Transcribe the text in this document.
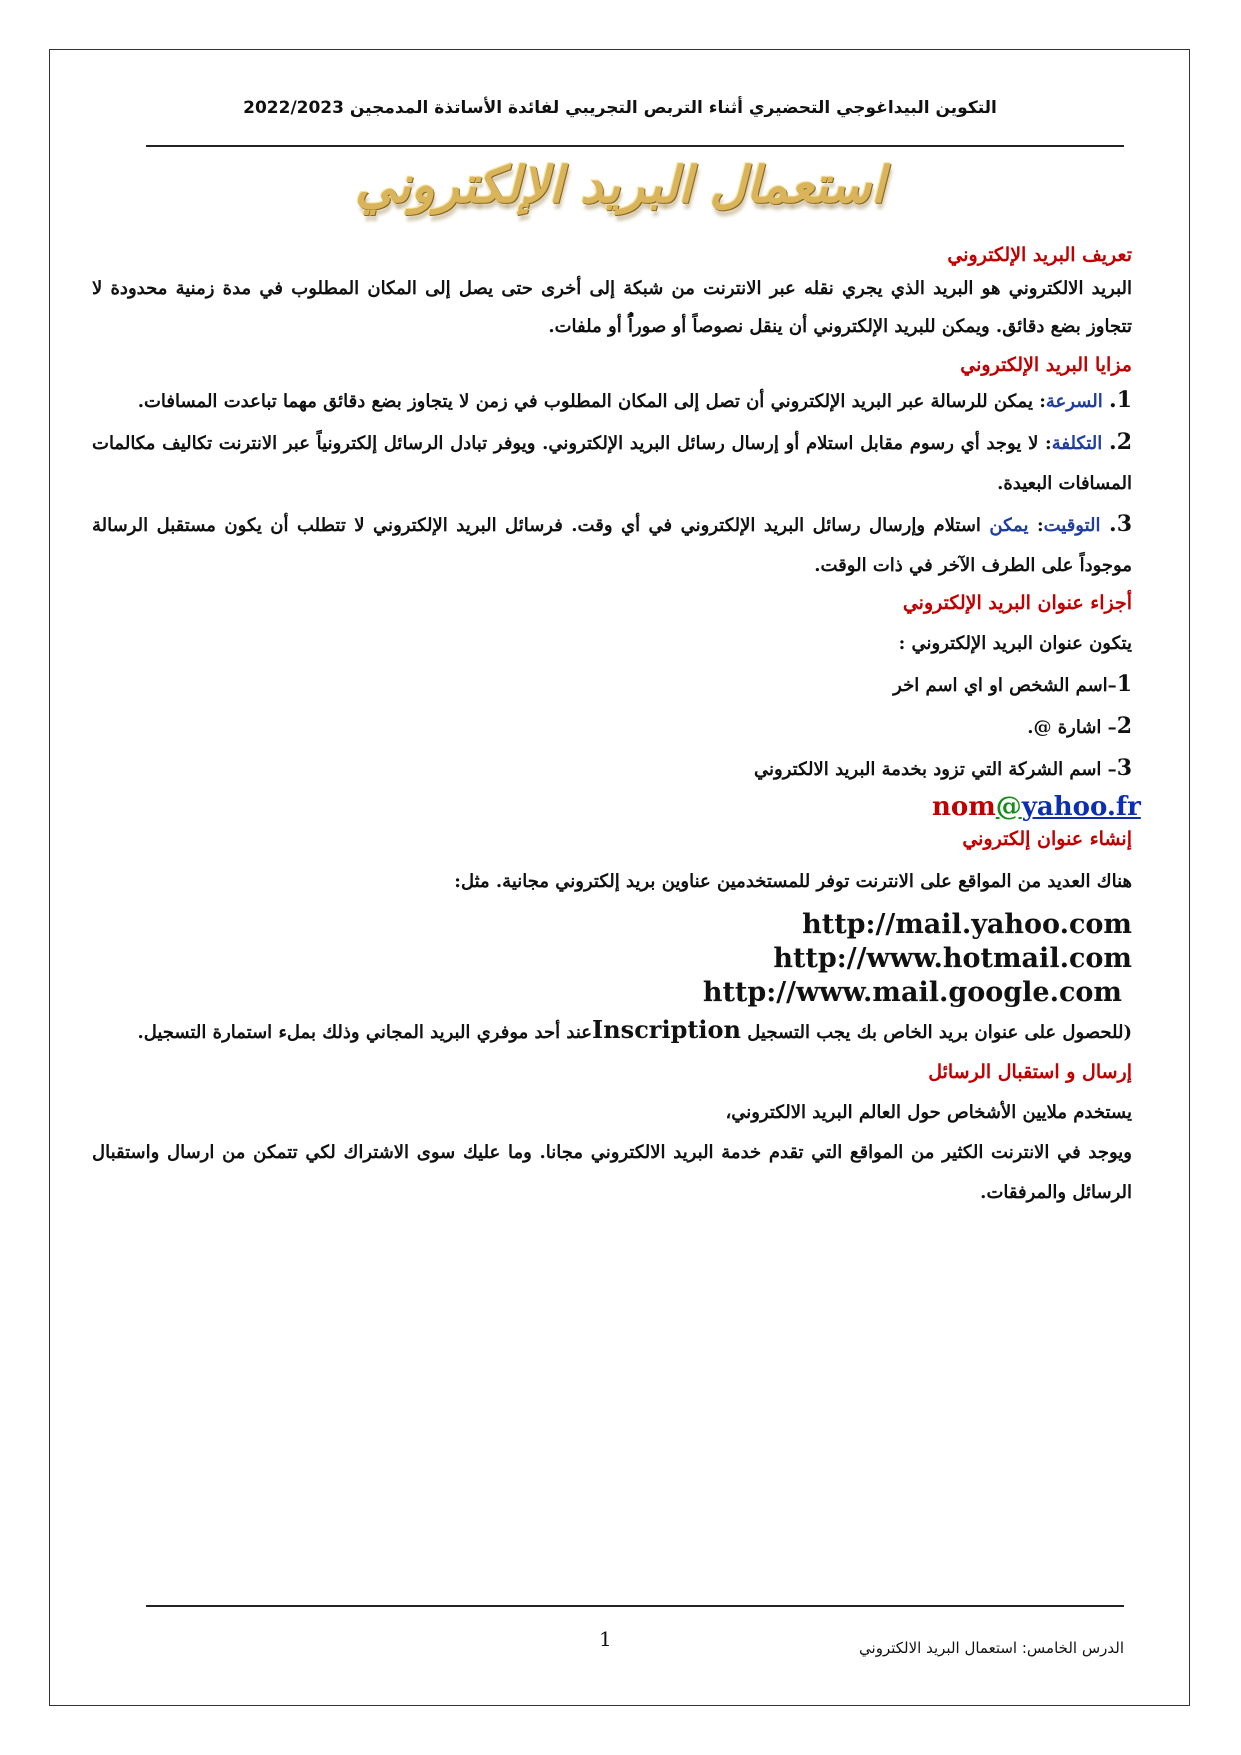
التكوين البيداغوجي التحضيري أثناء التربص التجريبي لفائدة الأساتذة المدمجين 2022/2023
استعمال البريد الإلكتروني

تعريف البريد الإلكتروني

البريد الالكتروني هو البريد الذي يجري نقله عبر الانترنت من شبكة إلى أخرى حتى يصل إلى المكان المطلوب في مدة زمنية محدودة لا تتجاوز بضع دقائق. ويمكن للبريد الإلكتروني أن ينقل نصوصاً أو صوراًُ أو ملفات.

مزايا البريد الإلكتروني

1. السرعة: يمكن للرسالة عبر البريد الإلكتروني أن تصل إلى المكان المطلوب في زمن لا يتجاوز بضع دقائق مهما تباعدت المسافات.

2. التكلفة: لا يوجد أي رسوم مقابل استلام أو إرسال رسائل البريد الإلكتروني. ويوفر تبادل الرسائل إلكترونياً عبر الانترنت تكاليف مكالمات المسافات البعيدة.

3. التوقيت: يمكن استلام وإرسال رسائل البريد الإلكتروني في أي وقت. فرسائل البريد الإلكتروني لا تتطلب أن يكون مستقبل الرسالة موجوداً على الطرف الآخر في ذات الوقت.

أجزاء عنوان البريد الإلكتروني

يتكون عنوان البريد الإلكتروني :

1–اسم الشخص او اي اسم اخر

2– اشارة @.

3– اسم الشركة التي تزود بخدمة البريد الالكتروني

nom@yahoo.fr

إنشاء عنوان إلكتروني

هناك العديد من المواقع على الانترنت توفر للمستخدمين عناوين بريد إلكتروني مجانية. مثل:

http://mail.yahoo.com
http://www.hotmail.com
http://www.mail.google.com

(للحصول على عنوان بريد الخاص بك يجب التسجيل Inscriptionعند أحد موفري البريد المجاني وذلك بملء استمارة التسجيل.

إرسال و استقبال الرسائل

يستخدم ملايين الأشخاص حول العالم البريد الالكتروني،

ويوجد في الانترنت الكثير من المواقع التي تقدم خدمة البريد الالكتروني مجانا. وما عليك سوى الاشتراك لكي تتمكن من ارسال واستقبال الرسائل والمرفقات.

الدرس الخامس: استعمال البريد الالكتروني
1
